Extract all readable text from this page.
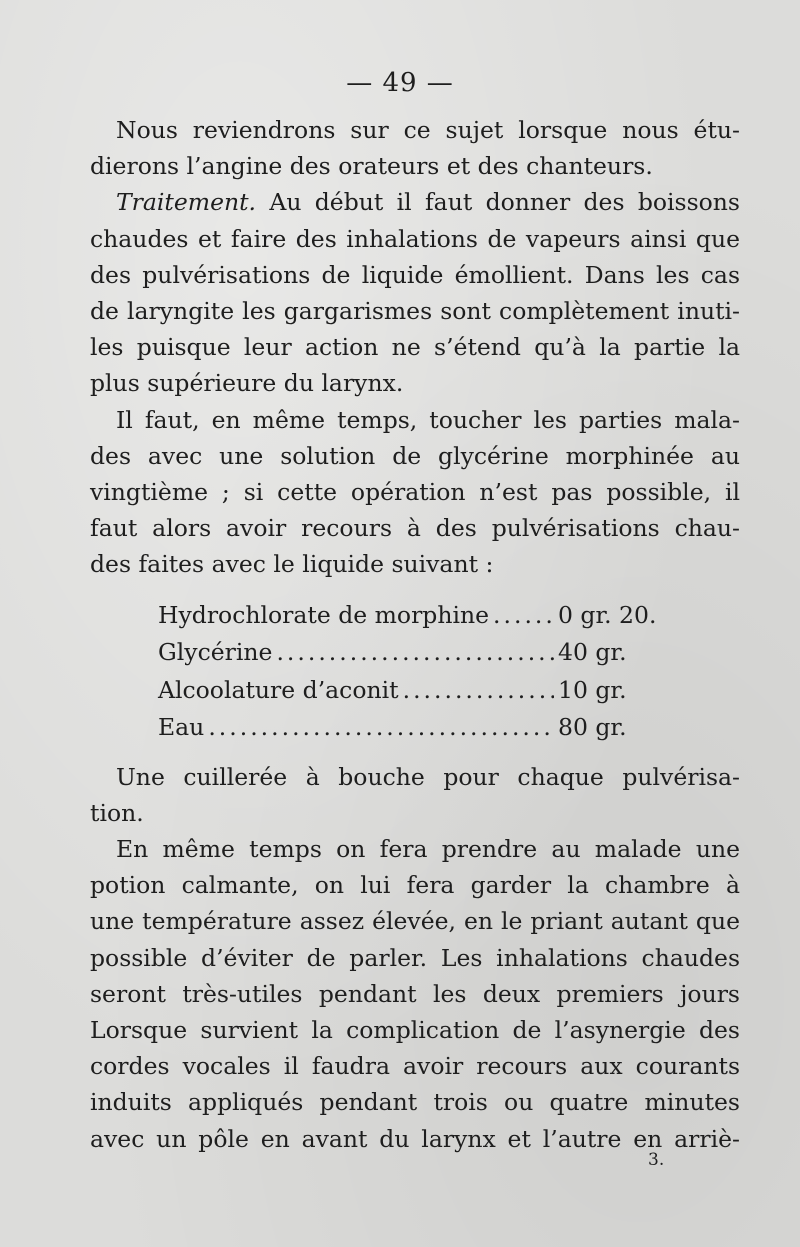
— 49 —
Nous reviendrons sur ce sujet lorsque nous étu-
dierons l’angine des orateurs et des chanteurs.
Traitement. Au début il faut donner des boissons
chaudes et faire des inhalations de vapeurs ainsi que
des pulvérisations de liquide émollient. Dans les cas
de laryngite les gargarismes sont complètement inuti-
les puisque leur action ne s’étend qu’à la partie la
plus supérieure du larynx.
Il faut, en même temps, toucher les parties mala-
des avec une solution de glycérine morphinée au
vingtième ; si cette opération n’est pas possible, il
faut alors avoir recours à des pulvérisations chau-
des faites avec le liquide suivant :
Hydrochlorate de morphine .....	0 gr. 20.
Glycérine .....	40 gr.
Alcoolature d’aconit .....	10 gr.
Eau .....	80 gr.
Une cuillerée à bouche pour chaque pulvérisa-
tion.
En même temps on fera prendre au malade une
potion calmante, on lui fera garder la chambre à
une température assez élevée, en le priant autant que
possible d’éviter de parler. Les inhalations chaudes
seront très-utiles pendant les deux premiers jours
Lorsque survient la complication de l’asynergie des
cordes vocales il faudra avoir recours aux courants
induits appliqués pendant trois ou quatre minutes
avec un pôle en avant du larynx et l’autre en arriè-
3.
